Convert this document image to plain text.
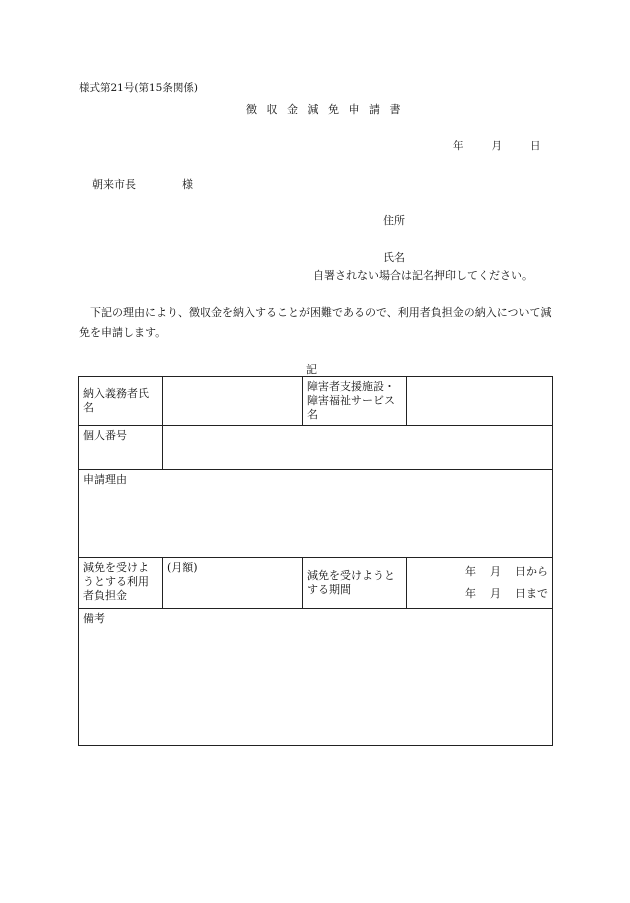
様式第21号(第15条関係)
徴 収 金 減 免 申 請 書
年	月	日
朝来市長	様
住所
氏名
自署されない場合は記名押印してください。
下記の理由により、徴収金を納入することが困難であるので、利用者負担金の納入について減免を申請します。
記
納入義務者氏名		障害者支援施設・障害福祉サービス名	
個人番号			
申請理由			
減免を受けようとする利用者負担金	(月額)	減免を受けようとする期間	年 月 日から
年 月 日まで

備考			
